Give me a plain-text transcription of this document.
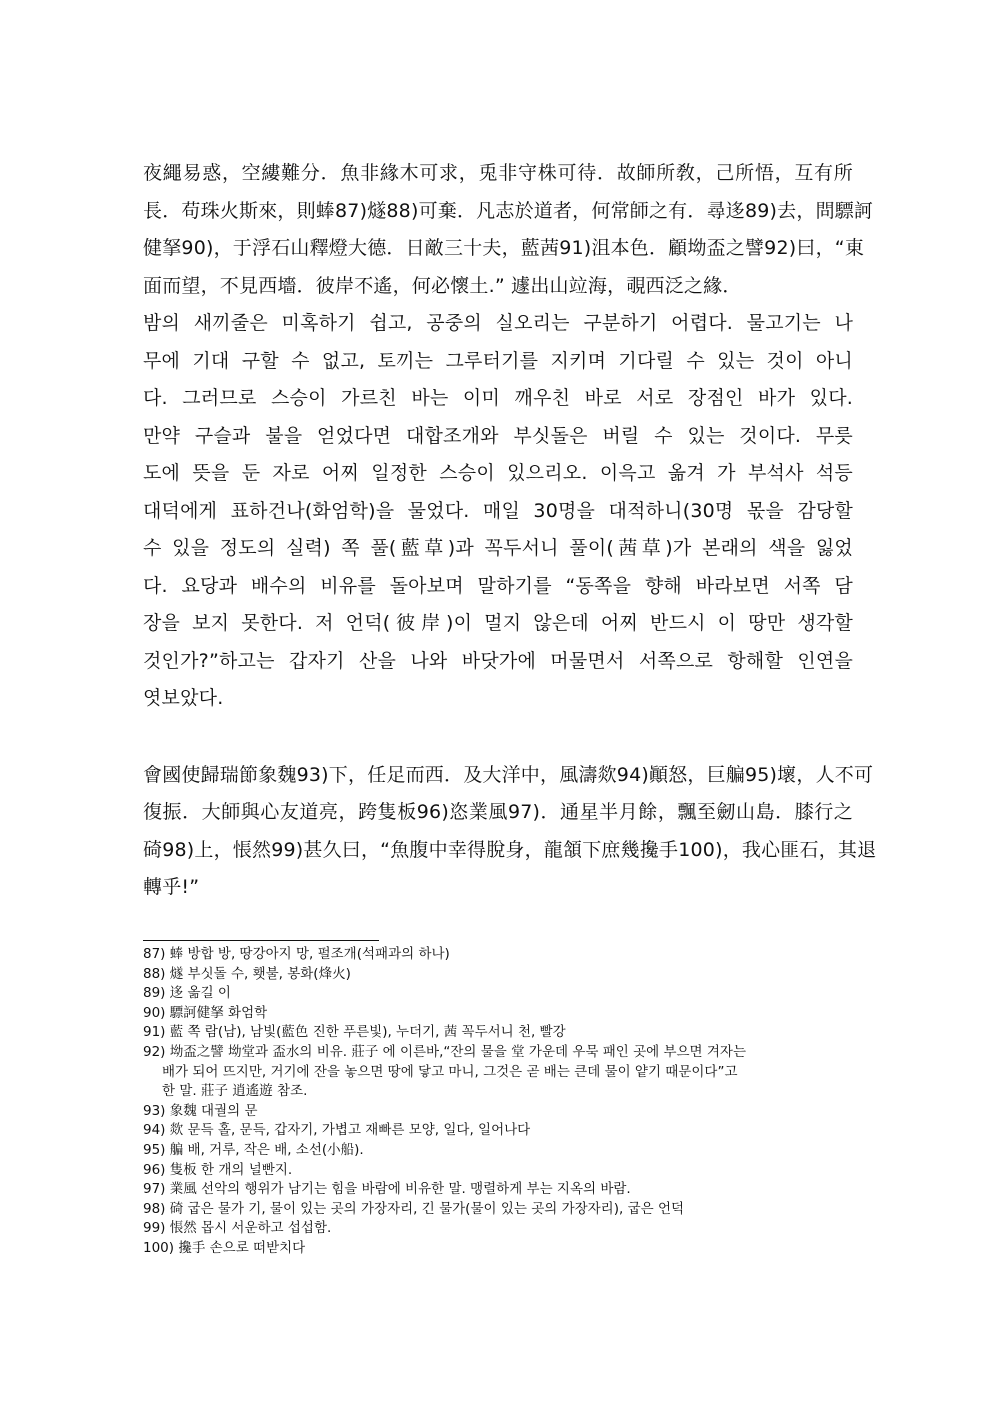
夜繩易惑，空縷難分．魚非緣木可求，兎非守株可待．故師所敎，己所悟，互有所
長．苟珠火斯來，則蜯87)燧88)可棄．凡志於道者，何常師之有．尋迻89)去，問驃訶
健拏90)，于浮石山釋燈大德．日敵三十夫，藍茜91)沮本色．顧坳盃之譬92)曰，“東
面而望，不見西墻．彼岸不遙，何必懷土.” 遽出山竝海，覗西泛之緣．
밤의 새끼줄은 미혹하기 쉽고, 공중의 실오리는 구분하기 어렵다. 물고기는 나
무에 기대 구할 수 없고, 토끼는 그루터기를 지키며 기다릴 수 있는 것이 아니
다. 그러므로 스승이 가르친 바는 이미 깨우친 바로 서로 장점인 바가 있다.
만약 구슬과 불을 얻었다면 대합조개와 부싯돌은 버릴 수 있는 것이다. 무릇
도에 뜻을 둔 자로 어찌 일정한 스승이 있으리오. 이윽고 옮겨 가 부석사 석등
대덕에게 표하건나(화엄학)을 물었다. 매일 30명을 대적하니(30명 몫을 감당할
수 있을 정도의 실력) 쪽 풀(藍草)과 꼭두서니 풀이(茜草)가 본래의 색을 잃었
다. 요당과 배수의 비유를 돌아보며 말하기를 “동쪽을 향해 바라보면 서쪽 담
장을 보지 못한다. 저 언덕(彼岸)이 멀지 않은데 어찌 반드시 이 땅만 생각할
것인가?”하고는 갑자기 산을 나와 바닷가에 머물면서 서쪽으로 항해할 인연을
엿보았다.
會國使歸瑞節象魏93)下，任足而西．及大洋中，風濤欻94)顚怒，巨艑95)壞，人不可
復振．大師與心友道亮，跨隻板96)恣業風97)．通星半月餘，飄至劒山島．膝行之
碕98)上，悵然99)甚久曰，“魚腹中幸得脫身，龍頷下庶幾攙手100)，我心匪石，其退
轉乎!”
87) 蜯 방합 방, 땅강아지 망, 펄조개(석패과의 하나)
88) 燧 부싯돌 수, 횃불, 봉화(烽火)
89) 迻 옮길 이
90) 驃訶健拏 화엄학
91) 藍 쪽 람(남), 남빛(藍色 진한 푸른빛), 누더기, 茜 꼭두서니 천, 빨강
92) 坳盃之譬 坳堂과 盃水의 비유. 莊子 에 이른바,“잔의 물을 堂 가운데 우묵 패인 곳에 부으면 겨자는
배가 되어 뜨지만, 거기에 잔을 놓으면 땅에 닿고 마니, 그것은 곧 배는 큰데 물이 얕기 때문이다”고
한 말. 莊子 逍遙遊 참조.
93) 象魏 대궐의 문
94) 欻 문득 홀, 문득, 갑자기, 가볍고 재빠른 모양, 일다, 일어나다
95) 艑 배, 거루, 작은 배, 소선(小船).
96) 隻板 한 개의 널빤지.
97) 業風 선악의 행위가 남기는 힘을 바람에 비유한 말. 맹렬하게 부는 지옥의 바람.
98) 碕 굽은 물가 기, 물이 있는 곳의 가장자리, 긴 물가(물이 있는 곳의 가장자리), 굽은 언덕
99) 悵然 몹시 서운하고 섭섭함.
100) 攙手 손으로 떠받치다
